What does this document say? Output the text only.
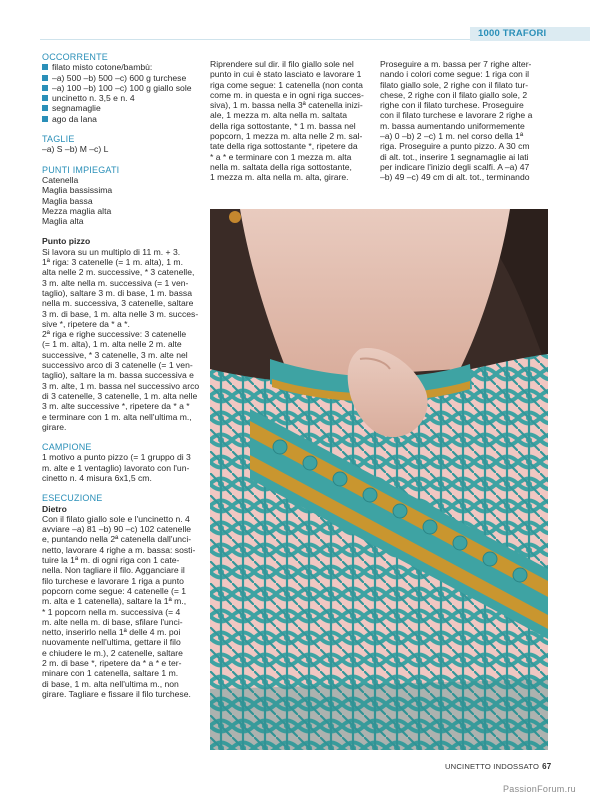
1000 TRAFORI

OCCORRENTE

filato misto cotone/bambù:
–a) 500 –b) 500 –c) 600 g turchese
–a) 100 –b) 100 –c) 100 g giallo sole
uncinetto n. 3,5 e n. 4
segnamaglie
ago da lana

TAGLIE

–a) S –b) M –c) L

PUNTI IMPIEGATI

Catenella

Maglia bassissima

Maglia bassa

Mezza maglia alta

Maglia alta

Punto pizzo

Si lavora su un multiplo di 11 m. + 3.

1ª riga: 3 catenelle (= 1 m. alta), 1 m.

alta nelle 2 m. successive, * 3 catenelle,

3 m. alte nella m. successiva (= 1 ven-

taglio), saltare 3 m. di base, 1 m. bassa

nella m. successiva, 3 catenelle, saltare

3 m. di base, 1 m. alta nelle 3 m. succes-

sive *, ripetere da * a *.

2ª riga e righe successive: 3 catenelle

(= 1 m. alta), 1 m. alta nelle 2 m. alte

successive, * 3 catenelle, 3 m. alte nel

successivo arco di 3 catenelle (= 1 ven-

taglio), saltare la m. bassa successiva e

3 m. alte, 1 m. bassa nel successivo arco

di 3 catenelle, 3 catenelle, 1 m. alta nelle

3 m. alte successive *, ripetere da * a *

e terminare con 1 m. alta nell'ultima m.,

girare.

CAMPIONE

1 motivo a punto pizzo (= 1 gruppo di 3

m. alte e 1 ventaglio) lavorato con l'un-

cinetto n. 4 misura 6x1,5 cm.

ESECUZIONE

Dietro

Con il filato giallo sole e l'uncinetto n. 4

avviare –a) 81 –b) 90 –c) 102 catenelle

e, puntando nella 2ª catenella dall'unci-

netto, lavorare 4 righe a m. bassa: sosti-

tuire la 1ª m. di ogni riga con 1 cate-

nella. Non tagliare il filo. Agganciare il

filo turchese e lavorare 1 riga a punto

popcorn come segue: 4 catenelle (= 1

m. alta e 1 catenella), saltare la 1ª m.,

* 1 popcorn nella m. successiva (= 4

m. alte nella m. di base, sfilare l'unci-

netto, inserirlo nella 1ª delle 4 m. poi

nuovamente nell'ultima, gettare il filo

e chiudere le m.), 2 catenelle, saltare

2 m. di base *, ripetere da * a * e ter-

minare con 1 catenella, saltare 1 m.

di base, 1 m. alta nell'ultima m., non

girare. Tagliare e fissare il filo turchese.

Riprendere sul dir. il filo giallo sole nel

punto in cui è stato lasciato e lavorare 1

riga come segue: 1 catenella (non conta

come m. in questa e in ogni riga succes-

siva), 1 m. bassa nella 3ª catenella inizi-

ale, 1 mezza m. alta nella m. saltata

della riga sottostante, * 1 m. bassa nel

popcorn, 1 mezza m. alta nelle 2 m. sal-

tate della riga sottostante *, ripetere da

* a * e terminare con 1 mezza m. alta

nella m. saltata della riga sottostante,

1 mezza m. alta nella m. alta, girare.

Proseguire a m. bassa per 7 righe alter-

nando i colori come segue: 1 riga con il

filato giallo sole, 2 righe con il filato tur-

chese, 2 righe con il filato giallo sole, 2

righe con il filato turchese. Proseguire

con il filato turchese e lavorare 2 righe a

m. bassa aumentando uniformemente

–a) 0 –b) 2 –c) 1 m. nel corso della 1ª

riga. Proseguire a punto pizzo. A 30 cm

di alt. tot., inserire 1 segnamaglie ai lati

per indicare l'inizio degli scalfi. A –a) 47

–b) 49 –c) 49 cm di alt. tot., terminando

UNCINETTO INDOSSATO 67
PassionForum.ru
